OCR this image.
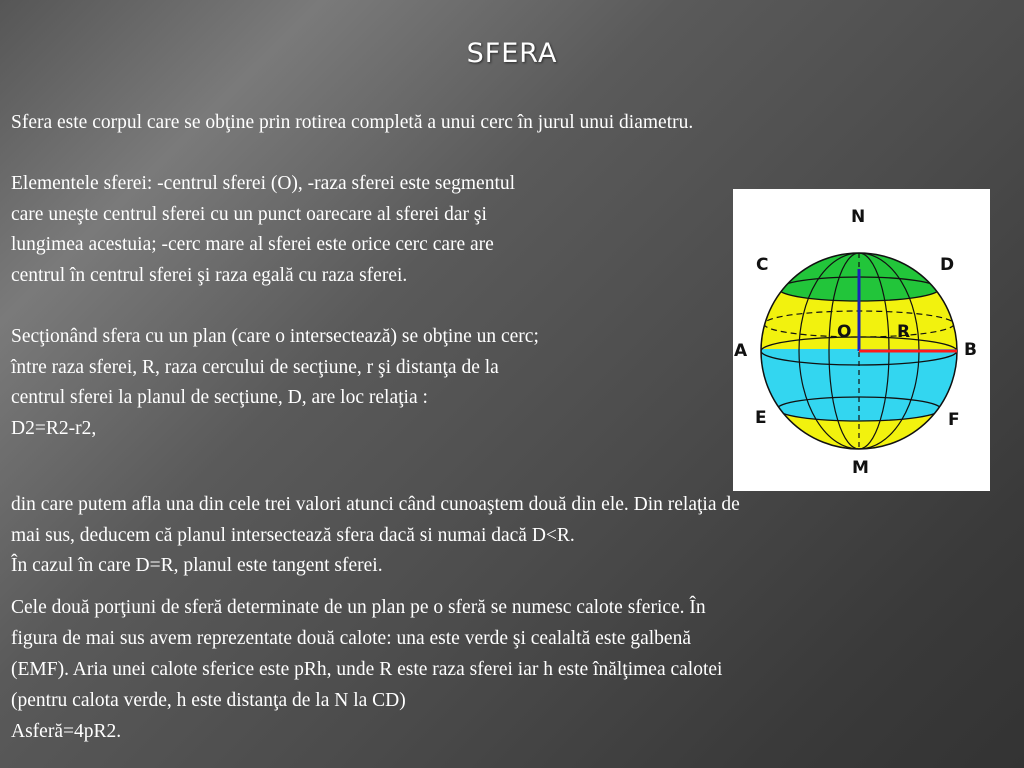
SFERA
Sfera este corpul care se obţine prin rotirea completă a unui cerc în jurul unui diametru.
Elementele sferei: -centrul sferei (O), -raza sferei este segmentul
care uneşte centrul sferei cu un punct oarecare al sferei dar şi
lungimea acestuia; -cerc mare al sferei este orice cerc care are
centrul în centrul sferei şi raza egală cu raza sferei.
Secţionând sfera cu un plan (care o intersectează) se obţine un cerc;
între raza sferei, R, raza cercului de secţiune, r şi distanţa de la
centrul sferei la planul de secţiune, D, are loc relaţia :
D2=R2-r2,
din care putem afla una din cele trei valori atunci când cunoaştem două din ele. Din relaţia de
mai sus, deducem că planul intersectează sfera dacă si numai dacă D<R.
În cazul în care D=R, planul este tangent sferei.
Cele două porţiuni de sferă determinate de un plan pe o sferă se numesc calote sferice. În
figura de mai sus avem reprezentate două calote: una este verde şi cealaltă este galbenă
(EMF). Aria unei calote sferice este pRh, unde R este raza sferei iar h este înălţimea calotei
(pentru calota verde, h este distanţa de la N la CD)
Asferă=4pR2.
N
M
C	D
A	B
E	F
O	R
